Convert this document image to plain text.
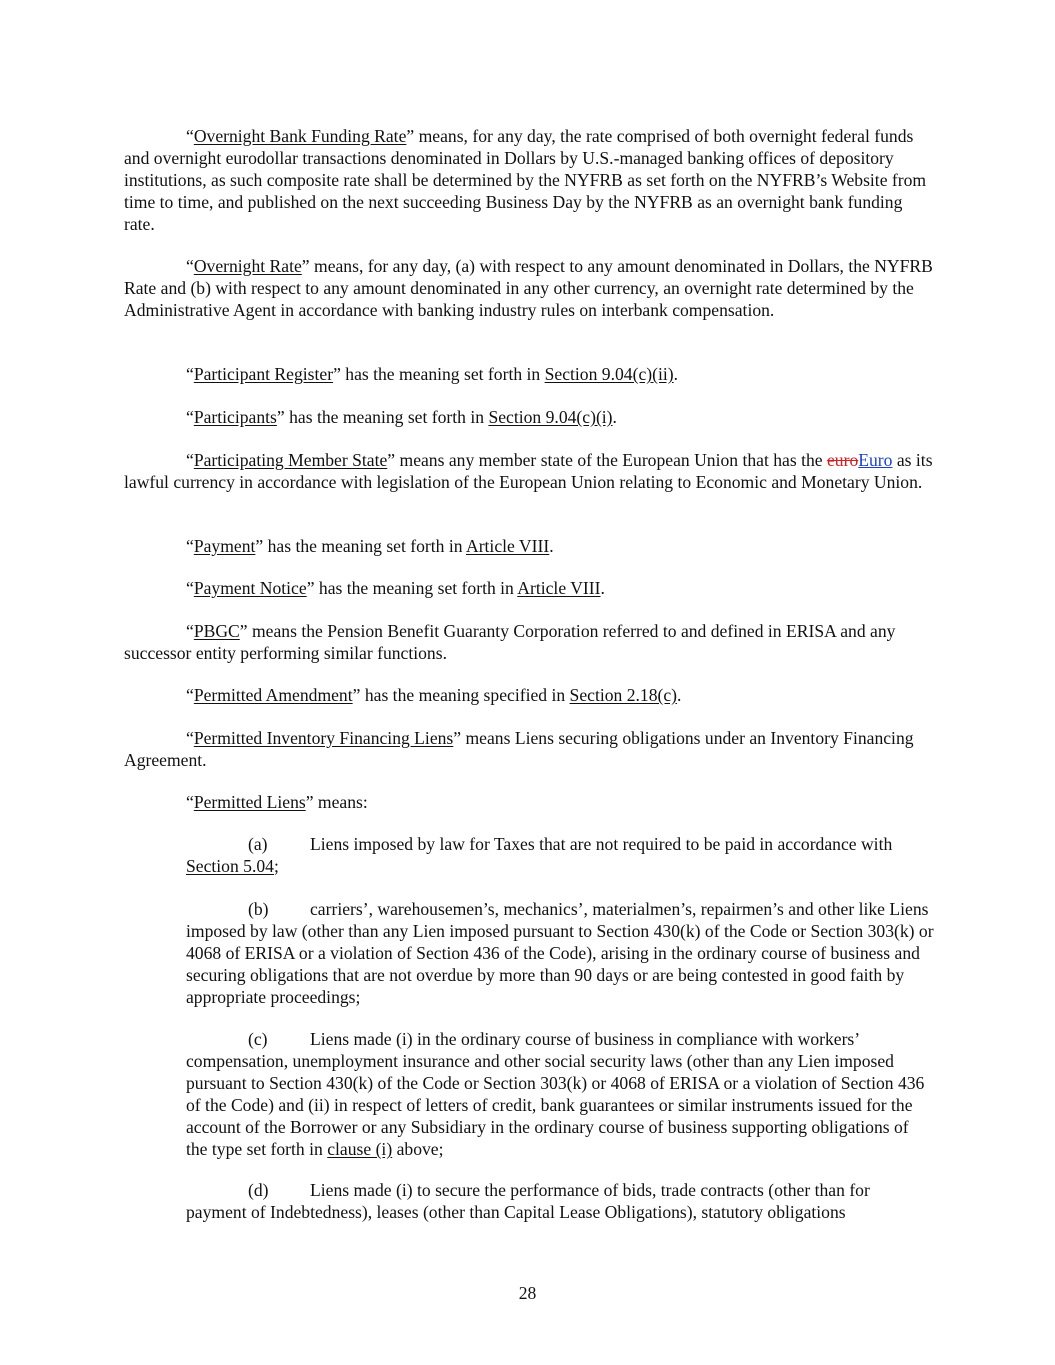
“Overnight Bank Funding Rate” means, for any day, the rate comprised of both overnight federal funds and overnight eurodollar transactions denominated in Dollars by U.S.-managed banking offices of depository institutions, as such composite rate shall be determined by the NYFRB as set forth on the NYFRB’s Website from time to time, and published on the next succeeding Business Day by the NYFRB as an overnight bank funding rate.

“Overnight Rate” means, for any day, (a) with respect to any amount denominated in Dollars, the NYFRB Rate and (b) with respect to any amount denominated in any other currency, an overnight rate determined by the Administrative Agent in accordance with banking industry rules on interbank compensation.

“Participant Register” has the meaning set forth in Section 9.04(c)(ii).

“Participants” has the meaning set forth in Section 9.04(c)(i).

“Participating Member State” means any member state of the European Union that has the euroEuro as its lawful currency in accordance with legislation of the European Union relating to Economic and Monetary Union.

“Payment” has the meaning set forth in Article VIII.

“Payment Notice” has the meaning set forth in Article VIII.

“PBGC” means the Pension Benefit Guaranty Corporation referred to and defined in ERISA and any successor entity performing similar functions.

“Permitted Amendment” has the meaning specified in Section 2.18(c).

“Permitted Inventory Financing Liens” means Liens securing obligations under an Inventory Financing Agreement.

“Permitted Liens” means:

(a) Liens imposed by law for Taxes that are not required to be paid in accordance with Section 5.04;

(b) carriers’, warehousemen’s, mechanics’, materialmen’s, repairmen’s and other like Liens imposed by law (other than any Lien imposed pursuant to Section 430(k) of the Code or Section 303(k) or 4068 of ERISA or a violation of Section 436 of the Code), arising in the ordinary course of business and securing obligations that are not overdue by more than 90 days or are being contested in good faith by appropriate proceedings;

(c) Liens made (i) in the ordinary course of business in compliance with workers’ compensation, unemployment insurance and other social security laws (other than any Lien imposed pursuant to Section 430(k) of the Code or Section 303(k) or 4068 of ERISA or a violation of Section 436 of the Code) and (ii) in respect of letters of credit, bank guarantees or similar instruments issued for the account of the Borrower or any Subsidiary in the ordinary course of business supporting obligations of the type set forth in clause (i) above;

(d) Liens made (i) to secure the performance of bids, trade contracts (other than for payment of Indebtedness), leases (other than Capital Lease Obligations), statutory obligations

28
